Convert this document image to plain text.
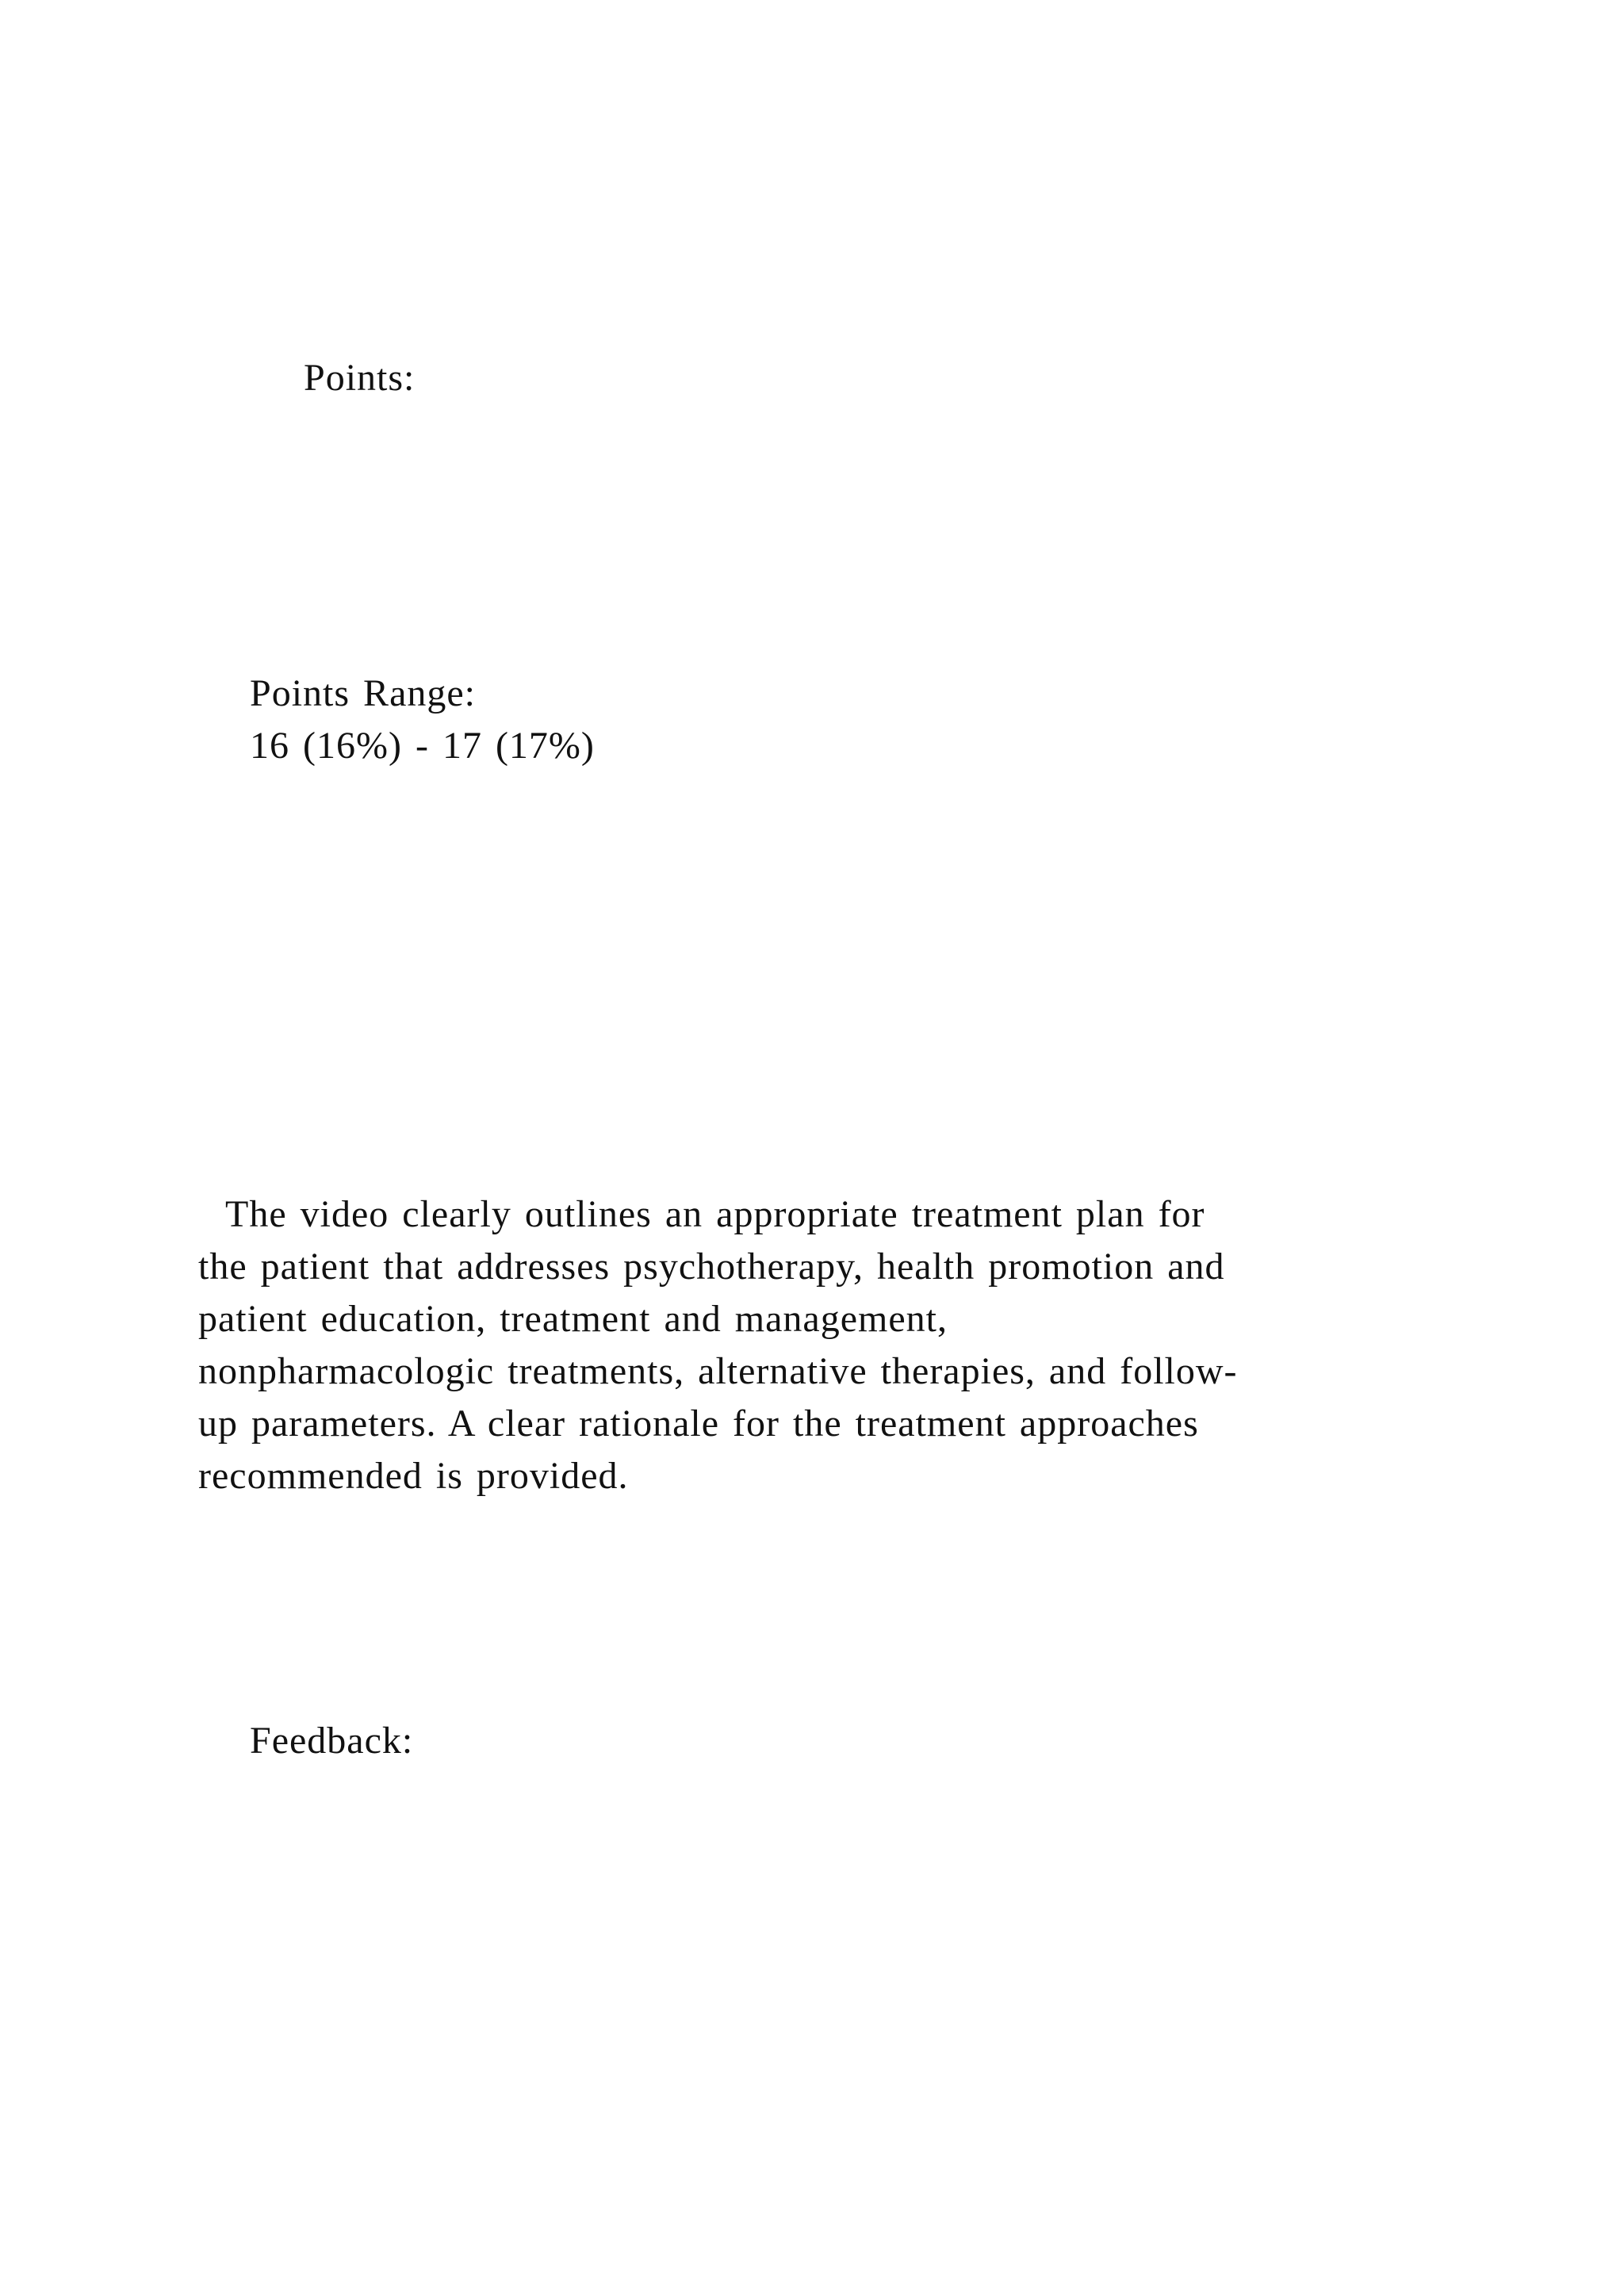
Points:

Points Range:

16 (16%) - 17 (17%)

The video clearly outlines an appropriate treatment plan for
the patient that addresses psychotherapy, health promotion and
patient education, treatment and management,
nonpharmacologic treatments, alternative therapies, and follow-
up parameters. A clear rationale for the treatment approaches
recommended is provided.

Feedback:
